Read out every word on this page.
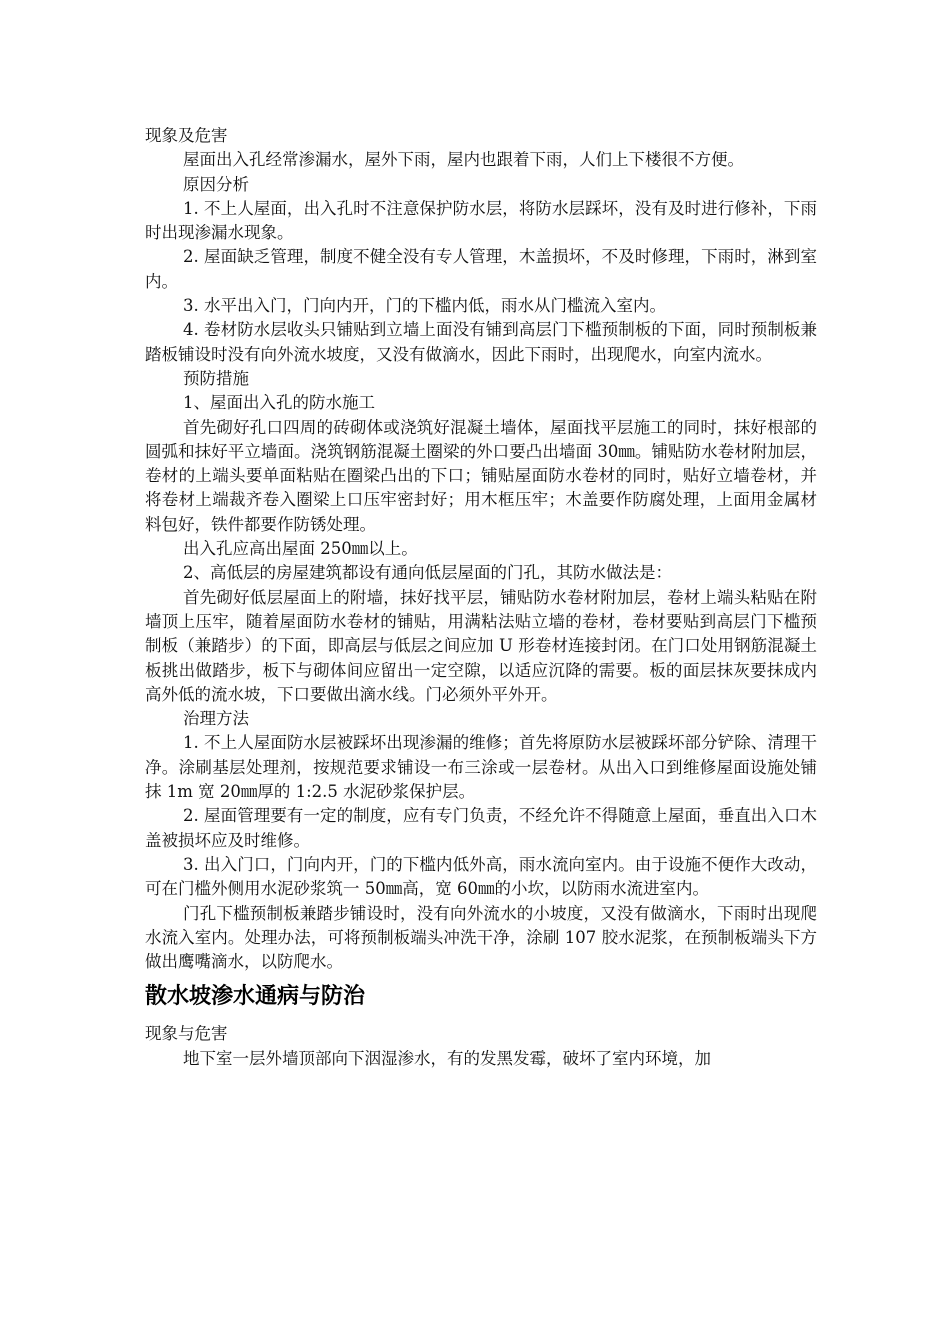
现象及危害

屋面出入孔经常渗漏水，屋外下雨，屋内也跟着下雨，人们上下楼很不方便。

原因分析

1. 不上人屋面，出入孔时不注意保护防水层，将防水层踩坏，没有及时进行修补，下雨时出现渗漏水现象。

2. 屋面缺乏管理，制度不健全没有专人管理，木盖损坏，不及时修理，下雨时，淋到室内。

3. 水平出入门，门向内开，门的下槛内低，雨水从门槛流入室内。

4. 卷材防水层收头只铺贴到立墙上面没有铺到高层门下槛预制板的下面，同时预制板兼踏板铺设时没有向外流水坡度，又没有做滴水，因此下雨时，出现爬水，向室内流水。

预防措施

1、屋面出入孔的防水施工

首先砌好孔口四周的砖砌体或浇筑好混凝土墙体，屋面找平层施工的同时，抹好根部的圆弧和抹好平立墙面。浇筑钢筋混凝土圈梁的外口要凸出墙面 30㎜。铺贴防水卷材附加层，卷材的上端头要单面粘贴在圈梁凸出的下口；铺贴屋面防水卷材的同时，贴好立墙卷材，并将卷材上端裁齐卷入圈梁上口压牢密封好；用木框压牢；木盖要作防腐处理，上面用金属材料包好，铁件都要作防锈处理。

出入孔应高出屋面 250㎜以上。

2、高低层的房屋建筑都设有通向低层屋面的门孔，其防水做法是：

首先砌好低层屋面上的附墙，抹好找平层，铺贴防水卷材附加层，卷材上端头粘贴在附墙顶上压牢，随着屋面防水卷材的铺贴，用满粘法贴立墙的卷材，卷材要贴到高层门下槛预制板（兼踏步）的下面，即高层与低层之间应加 U 形卷材连接封闭。在门口处用钢筋混凝土板挑出做踏步，板下与砌体间应留出一定空隙，以适应沉降的需要。板的面层抹灰要抹成内高外低的流水坡，下口要做出滴水线。门必须外平外开。

治理方法

1. 不上人屋面防水层被踩坏出现渗漏的维修；首先将原防水层被踩坏部分铲除、清理干净。涂刷基层处理剂，按规范要求铺设一布三涂或一层卷材。从出入口到维修屋面设施处铺抹 1m 宽 20㎜厚的 1:2.5 水泥砂浆保护层。

2. 屋面管理要有一定的制度，应有专门负责，不经允许不得随意上屋面，垂直出入口木盖被损坏应及时维修。

3. 出入门口，门向内开，门的下槛内低外高，雨水流向室内。由于设施不便作大改动，可在门槛外侧用水泥砂浆筑一 50㎜高，宽 60㎜的小坎，以防雨水流进室内。

门孔下槛预制板兼踏步铺设时，没有向外流水的小坡度，又没有做滴水，下雨时出现爬水流入室内。处理办法，可将预制板端头冲洗干净，涂刷 107 胶水泥浆，在预制板端头下方做出鹰嘴滴水，以防爬水。

散水坡渗水通病与防治

现象与危害

地下室一层外墙顶部向下洇湿渗水，有的发黑发霉，破坏了室内环境，加
